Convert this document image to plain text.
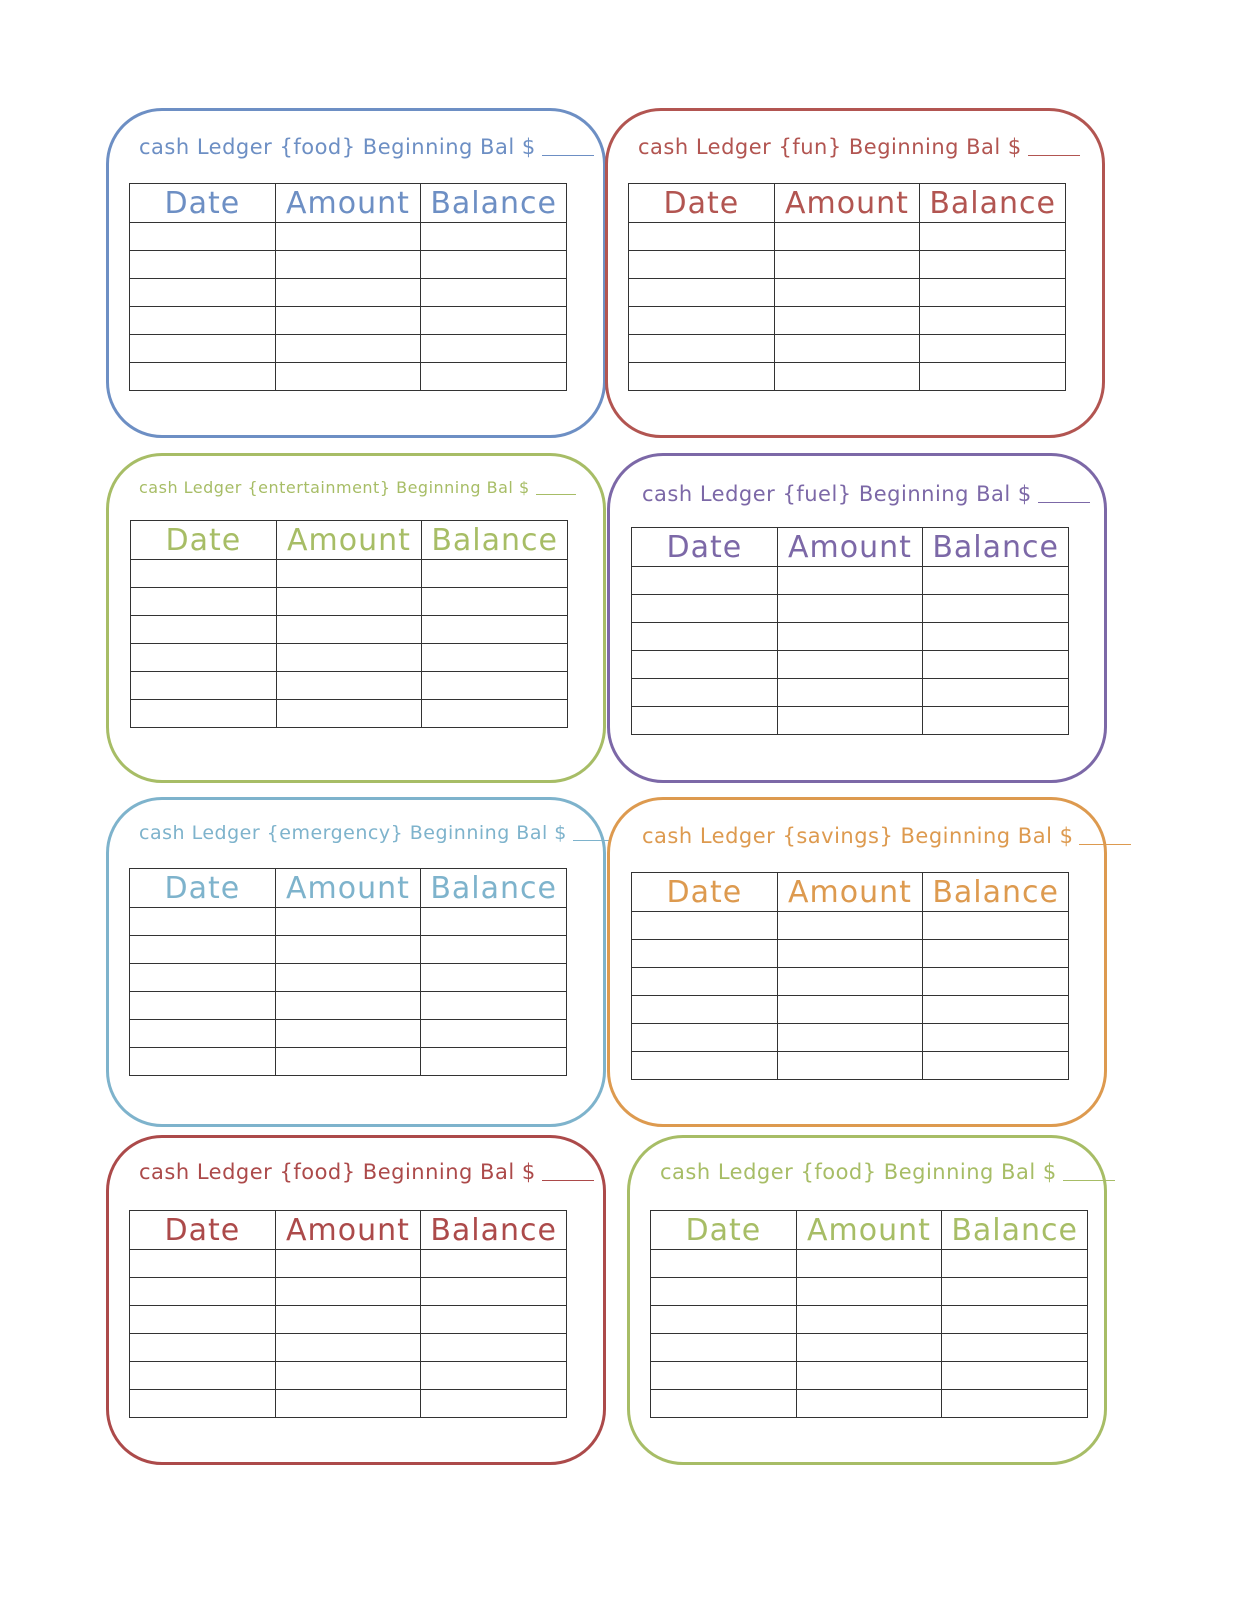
cash Ledger {food} Beginning Bal $
Date	Amount	Balance

cash Ledger {fun} Beginning Bal $
Date	Amount	Balance

cash Ledger {entertainment} Beginning Bal $
Date	Amount	Balance

cash Ledger {fuel} Beginning Bal $
Date	Amount	Balance

cash Ledger {emergency} Beginning Bal $
Date	Amount	Balance

cash Ledger {savings} Beginning Bal $
Date	Amount	Balance

cash Ledger {food} Beginning Bal $
Date	Amount	Balance

cash Ledger {food} Beginning Bal $
Date	Amount	Balance
